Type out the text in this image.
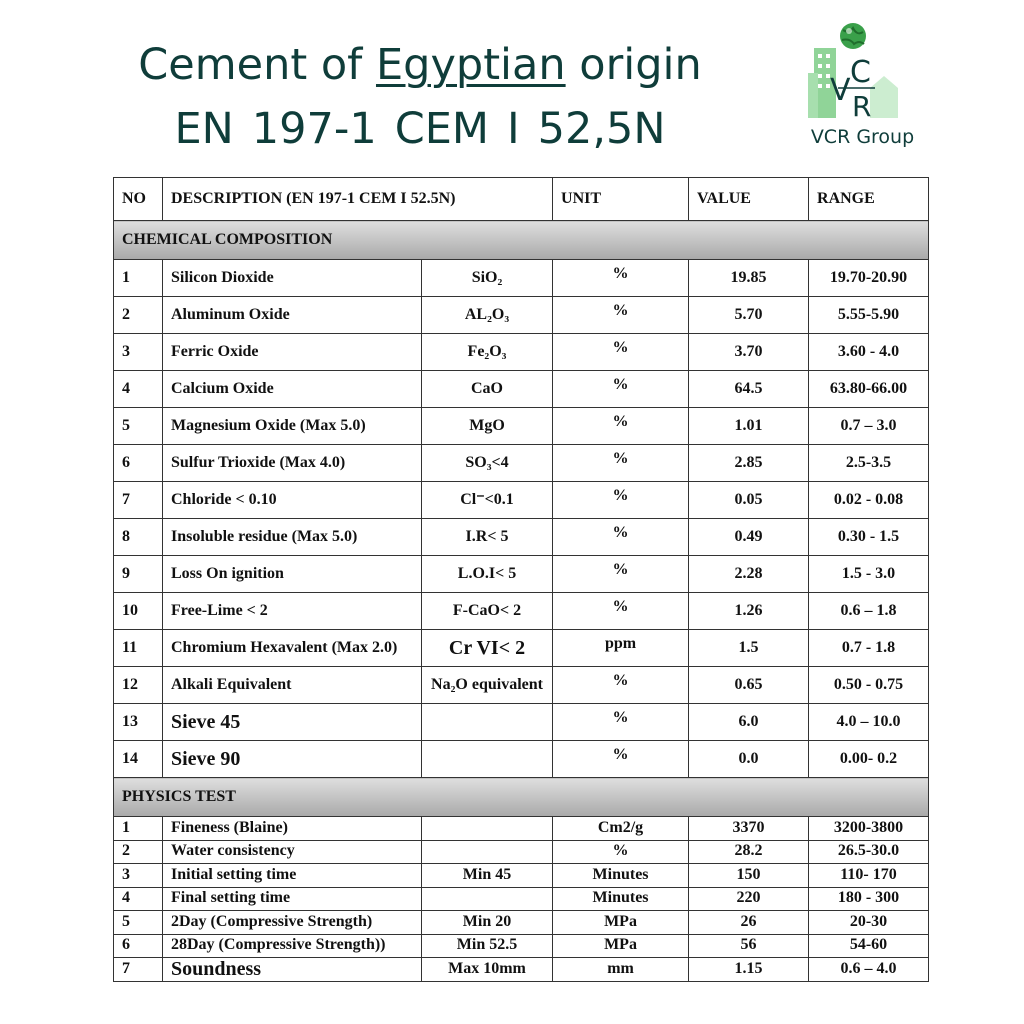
Cement of Egyptian origin
EN 197-1 CEM I 52,5N
V
C
R
VCR Group
NO	DESCRIPTION (EN 197-1 CEM I 52.5N)		UNIT	VALUE	RANGE
CHEMICAL COMPOSITION					
1	Silicon Dioxide	SiO₂	%	19.85	19.70-20.90
2	Aluminum Oxide	AL₂O₃	%	5.70	5.55-5.90
3	Ferric Oxide	Fe₂O₃	%	3.70	3.60 - 4.0
4	Calcium Oxide	CaO	%	64.5	63.80-66.00
5	Magnesium Oxide (Max 5.0)	MgO	%	1.01	0.7 – 3.0
6	Sulfur Trioxide (Max 4.0)	SO₃<4	%	2.85	2.5-3.5
7	Chloride < 0.10	Cl⁻<0.1	%	0.05	0.02 - 0.08
8	Insoluble residue (Max 5.0)	I.R< 5	%	0.49	0.30 - 1.5
9	Loss On ignition	L.O.I< 5	%	2.28	1.5 - 3.0
10	Free-Lime < 2	F-CaO< 2	%	1.26	0.6 – 1.8
11	Chromium Hexavalent (Max 2.0)	Cr VI< 2	ppm	1.5	0.7 - 1.8
12	Alkali Equivalent	Na₂O equivalent	%	0.65	0.50 - 0.75
13	Sieve 45		%	6.0	4.0 – 10.0
14	Sieve 90		%	0.0	0.00- 0.2
PHYSICS TEST					
1	Fineness (Blaine)		Cm2/g	3370	3200-3800
2	Water consistency		%	28.2	26.5-30.0
3	Initial setting time	Min 45	Minutes	150	110- 170
4	Final setting time		Minutes	220	180 - 300
5	2Day (Compressive Strength)	Min 20	MPa	26	20-30
6	28Day (Compressive Strength))	Min 52.5	MPa	56	54-60
7	Soundness	Max 10mm	mm	1.15	0.6 – 4.0
